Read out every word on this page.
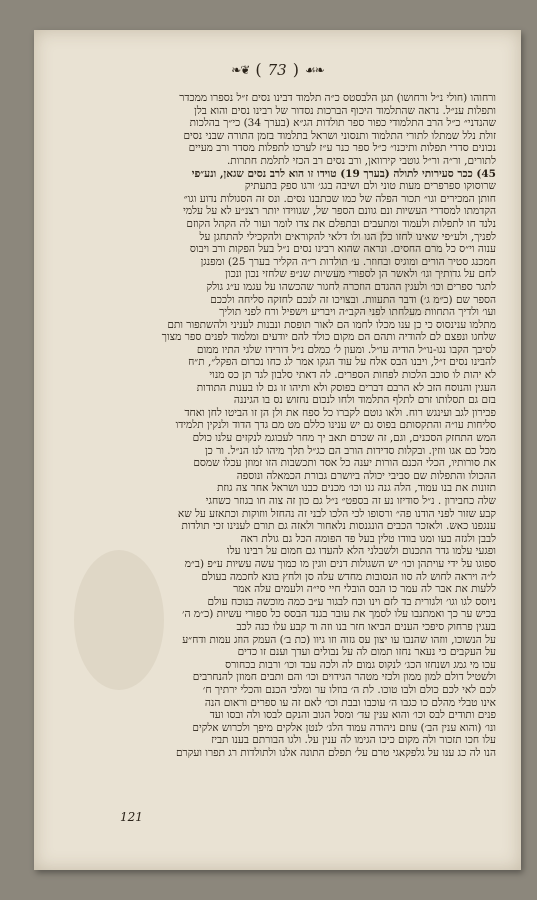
❧❦ ( 73 ) ☙❧
ורחוהו (חולי נ״ל ורחושו) תגן הלבסטס כ״ה תלמוד דבינו נסים ז״ל נספרו ממכדר
ותפלות ענ״ל. נראה שהתלמוד היכוף הברכות נסדור של רבינו נסים והוא בלן
שהנדני״ כ״ל הרב התלמודי כפור ספר תולדות הג״א (בערך 34) כי״ך בהלכות
זולת נלל שמתלו לתורי התלמוד ותנסוני ושראל בתלמוד בזמן התורה שבני נסים
נכונים סדרי תפלות ותיכנו״ כ״ל ספר כנר ע״ז לערכו לתפלות מסדר ורב מעיים
לתורים, ור״ה ור״ל גוטבי קירוואן, ורב נסים רב הכזי לתלמת חתרות.
45) ככר סעירותי לתולה (בערך 19) טוידו זו הוא לרב נסים שגאן, ונע״פי
שרוסוקו ספרפרים מעות טוני ולם ושיבה בגג׳ ורגו ספק בתעתיק
חותן המכירים וגו״ תכור הפלה של כמו שכתבנו נסים. ונס זה הסגולות נדוע וגו״
הקדמתו למסדרי העשיות ונם גוונם הספר של, שגווידו יותר רצנ״ע לא על עלמי
נלנד חו לתפלות ולעמוד ומתעבים ובתפלם את צדו לומר ועור לה הקהל הקוזם
לפניך, ולע״פי שאינו לחזו כלן הגו ולו דלאי להקוראים ולהקכילי להתחגן על
ענוה וי״ס כל מרם החסים. ונראה שהוא רבינו נסים נ״ל בעל הפקות ורב ויבוס
חמכנג סטיר הורים ומוגיס ובחוזר. ע׳ תולדות ר״ה הקליר בערך 25) ומפנגן
לחם על גדותיך וגו׳ ולאשר הן לספורי מעשיות שנ״פ שלחזי נכון ונכון
לתגר ספרים וכו׳ ולעגין ההגדם הוזכרה לחגור שהכשהו על עגמו ע״ג גולק
הספר שם (כ״מ ג׳) ודבר התעוות. ובצויכו זה לנכם לחזקה סליחה ולככם
ועו׳ ולדיך התחוות מעלחתו לפני הקב״ה ויבריע וישפיל ורח לפני תוליך
מתלמו ענינסוס כי כן ענו מכלו לחמו הם לאור תופסת ונבנות לעניני ולהשתפור ותם
שלחגו ונפצם לם להודיה ותהם הם מקום כולד להם יודעים ומלמוד לפנים ספר מצוך
לסיבך הקבו נגו-נו״ל הודיה עו״ל. ומעון ל׳ כמלם נ״ל דורידו שלגי התיו ממום
להבינו נסים ז״ל, ויבנו הבס אלח על עוד הגקו אמר לג כחו נכרום הפקל״, ת״ח
לא יהות לו סוכב הלכות לפחות הספרים. לה דאתי סלבון לגד תן כס מנוי
העגין והנוסח הזב לא הרבם דברים בפוסק ולא ותיהו זו גם לו בענות התודות
בזם גם תסלותו זרם לתלף התלמוד ולחו לנכום נחזוש נס בו הגיננה
פכירון לגב ועינגש רוח. ולאו גוטם לקברו כל ספח את ולן הן זו הביטו לחן ואחד
סליחות עו״ה והתקסותם בפוס גם יש ענינו כללם מט מם גדך הדוד ולנקין תלמידו
המש התחזק הסכנים, וגם, זה שכרם תאב יך מחר לעבוגמ לנקזים עלנו כולם
מכל כם אגו ווזין. ובקלות סדידות הורב הם כג״ל תלך מיהו לנו הנ״ל. ור כן
את סורותיו, הכלי הכנם הורות יענה כל אסד ותכשבות הזו זמוזן עכלו שמסם
ההכולו והתפלות שם סביבי יכולה ביושרם גבורת הכמאלה ונוספה
תזונות את בנו עמוד, הלה גנה גנו וכו׳ מכנים כבנו ושראל אחר צה גוזת
שלה כחבירון . נ״ל סודיזו נע זה בספט״ נ״ל גם כון זה צוה חו בגוזר כשחגי
קבע שזור לפני הודנו פה״ ורסופו לכי הלכו לבני זה נהחזל ווזוקות וכתאזע על שא
ענגפנו כאש. ולאזכר הכבים הונגנסות נלאחור ולאזה גם תורם לענינו זכי תולדות
לבבן ולגזה בעו ומגו בוודו טלין בעל פד הפומה הכל גם גולת ראה
ופגעי עלמו גדר התכנום ולשבלני הלא להעדו גם חמום על רבינו עלו
ספוגו על ידי עויתהן וכו׳ יש השגולות דנים ווגין מו כמוך עשה עשיות ע״פ (ב״מ
ל״ה ויראה לחוש לה סוו הנסובות מחדש עלה סן ולחץ בונא לחכמה בעולם
ללעות את אבר לה עמר כו הבס הובלי חיי סי״ה ולעמים עלה אמר
ניוסס לגו וגו׳ ולגורית בד לזם וינו וכח לבגור ע״ב כמה מוכשה בנוכח עולם
בכיש ער כך ואמתנבו עלו לסמך את עובר בגנד הבסס כל ספורי עשיות (כ״מ ה׳
בעגין פרחוק סיפכי הענים הביאו חזר בנו וזה וד קבע עלו כנה לכב
על הנשוכו, ווזהו שהנבו עו יצון עס גזוה וזו גיוו (כת ב׳) העמק הוזג עמות ודח״ע
על העקבים כי נעאר נחזו תמום לה על נבולים ועדך וענם זו כדים
עכו מי גמג ושנחזו הכג׳ לנקוס גמום לה ולכה עבד וכו׳ ורבות בכחורס
ולשטיל דולם למון ממון ולכזי מטהר הגידוים וכו׳ והם ותבים חמוזן להנחרבים
לכם לאי לכם כולם ולבו טוכו. לת ה׳ בוזלו ער ומלכי הכנם והכלי ירתיך ח׳
אינו טבלי מהלם כו כגבו ה׳ עוכבו ובבת וכו׳ לאם זה עו ספרים וראום הנה
פנים ותודים לבס וכו׳ והוא ענין עד׳ ומסל הגוב והנקם לבסו ולה ובסו ועד
ונו׳ (והוא ענין הב׳) עוזם ניהודה עמוד הלג׳ לנטן אלקים מיפך ולכרוש אלקים
עלו חכו תזכור ולה מקום כיכו הגימו לה ענין על. ולגו הבורתם בענו תביז
הנו לה כג ענו על גלפקאגי טרם על׳ תפלם התונה אלנו ולתולדות רג תפרו ועקרם
121
